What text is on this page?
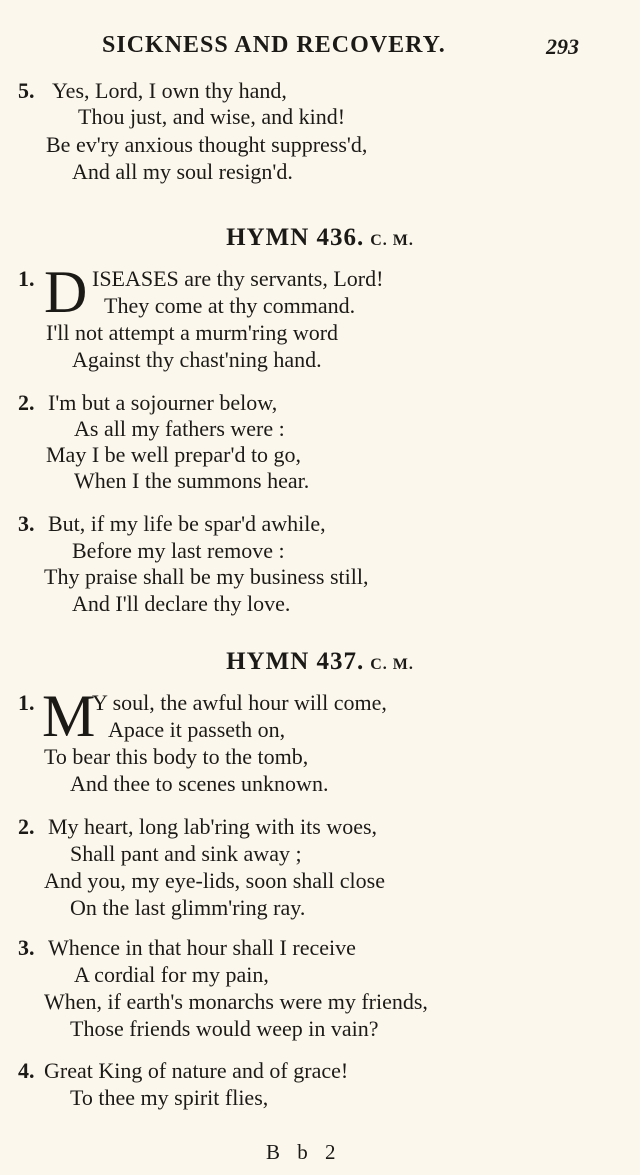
SICKNESS AND RECOVERY.	293
5. Yes, Lord, I own thy hand,
Thou just, and wise, and kind!
Be ev'ry anxious thought suppress'd,
And all my soul resign'd.
HYMN 436. C. M.
1. D ISEASES are thy servants, Lord!
They come at thy command.
I'll not attempt a murm'ring word
Against thy chast'ning hand.
2. I'm but a sojourner below,
As all my fathers were :
May I be well prepar'd to go,
When I the summons hear.
3. But, if my life be spar'd awhile,
Before my last remove :
Thy praise shall be my business still,
And I'll declare thy love.
HYMN 437. C. M.
1. M
Y soul, the awful hour will come,
Apace it passeth on,
To bear this body to the tomb,
And thee to scenes unknown.
2. My heart, long lab'ring with its woes,
Shall pant and sink away ;
And you, my eye-lids, soon shall close
On the last glimm'ring ray.
3. Whence in that hour shall I receive
A cordial for my pain,
When, if earth's monarchs were my friends,
Those friends would weep in vain?
4. Great King of nature and of grace!
To thee my spirit flies,
B b 2
